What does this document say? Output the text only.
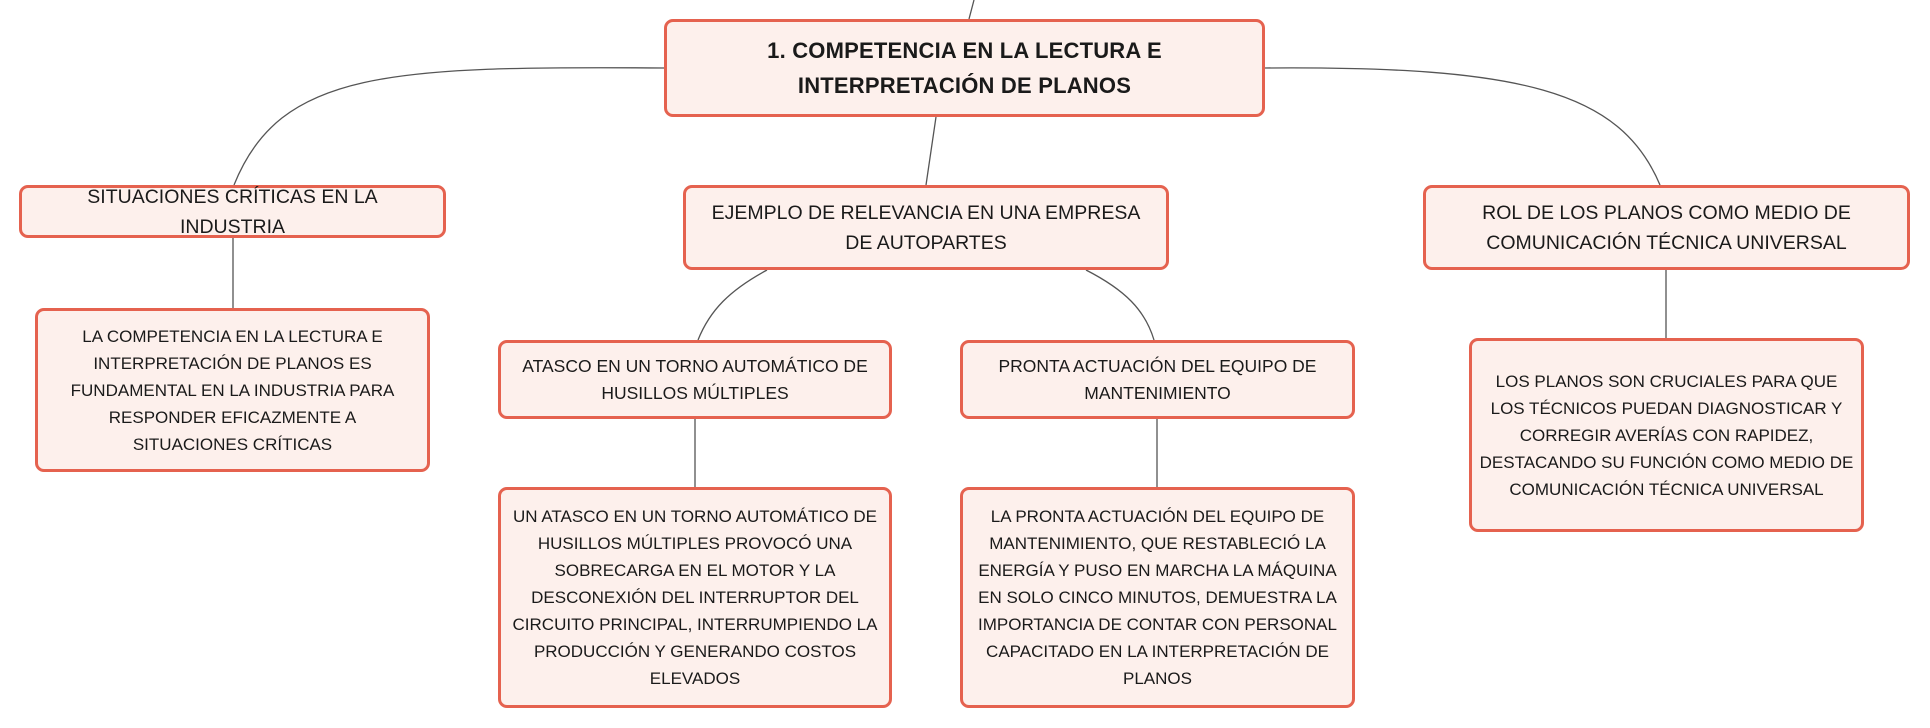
1. COMPETENCIA EN LA LECTURA E INTERPRETACIÓN DE PLANOS
SITUACIONES CRÍTICAS EN LA INDUSTRIA
EJEMPLO DE RELEVANCIA EN UNA EMPRESA DE AUTOPARTES
ROL DE LOS PLANOS COMO MEDIO DE COMUNICACIÓN TÉCNICA UNIVERSAL
LA COMPETENCIA EN LA LECTURA E INTERPRETACIÓN DE PLANOS ES FUNDAMENTAL EN LA INDUSTRIA PARA RESPONDER EFICAZMENTE A SITUACIONES CRÍTICAS
ATASCO EN UN TORNO AUTOMÁTICO DE HUSILLOS MÚLTIPLES
PRONTA ACTUACIÓN DEL EQUIPO DE MANTENIMIENTO
UN ATASCO EN UN TORNO AUTOMÁTICO DE HUSILLOS MÚLTIPLES PROVOCÓ UNA SOBRECARGA EN EL MOTOR Y LA DESCONEXIÓN DEL INTERRUPTOR DEL CIRCUITO PRINCIPAL, INTERRUMPIENDO LA PRODUCCIÓN Y GENERANDO COSTOS ELEVADOS
LA PRONTA ACTUACIÓN DEL EQUIPO DE MANTENIMIENTO, QUE RESTABLECIÓ LA ENERGÍA Y PUSO EN MARCHA LA MÁQUINA EN SOLO CINCO MINUTOS, DEMUESTRA LA IMPORTANCIA DE CONTAR CON PERSONAL CAPACITADO EN LA INTERPRETACIÓN DE PLANOS
LOS PLANOS SON CRUCIALES PARA QUE LOS TÉCNICOS PUEDAN DIAGNOSTICAR Y CORREGIR AVERÍAS CON RAPIDEZ, DESTACANDO SU FUNCIÓN COMO MEDIO DE COMUNICACIÓN TÉCNICA UNIVERSAL
